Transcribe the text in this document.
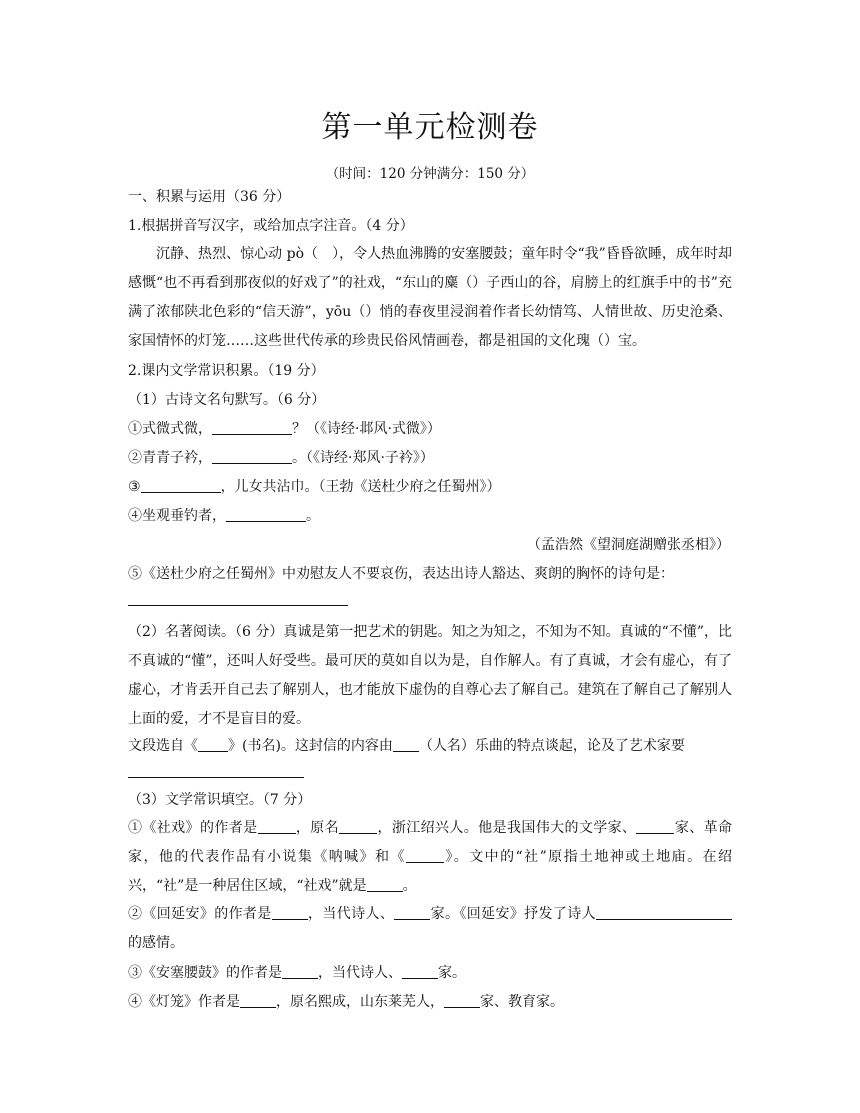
第一单元检测卷
（时间：120 分钟满分：150 分）
一、积累与运用（36 分）
1.根据拼音写汉字，或给加点字注音。（4 分）
沉静、热烈、惊心动 pò（　），令人热血沸腾的安塞腰鼓；童年时令“我”昏昏欲睡，成年时却感慨“也不再看到那夜似的好戏了”的社戏，“东山的麋（）子西山的谷，肩膀上的红旗手中的书”充满了浓郁陕北色彩的“信天游”，yōu（）悄的春夜里浸润着作者长幼情笃、人情世故、历史沧桑、家国情怀的灯笼……这些世代传承的珍贵民俗风情画卷，都是祖国的文化瑰（）宝。
2.课内文学常识积累。（19 分）
（1）古诗文名句默写。（6 分）
①式微式微，	？（《诗经·邶风·式微》）
②青青子衿，	。（《诗经·郑风·子衿》）
③	，儿女共沾巾。（王勃《送杜少府之任蜀州》）
④坐观垂钓者，	。
（孟浩然《望洞庭湖赠张丞相》）
⑤《送杜少府之任蜀州》中劝慰友人不要哀伤，表达出诗人豁达、爽朗的胸怀的诗句是：
（2）名著阅读。（6 分）真诚是第一把艺术的钥匙。知之为知之，不知为不知。真诚的“不懂”，比不真诚的“懂”，还叫人好受些。最可厌的莫如自以为是，自作解人。有了真诚，才会有虚心，有了虚心，才肯丢开自己去了解别人，也才能放下虚伪的自尊心去了解自己。建筑在了解自己了解别人上面的爱，才不是盲目的爱。
文段选自《 》(书名)。这封信的内容由 （人名）乐曲的特点谈起，论及了艺术家要
（3）文学常识填空。（7 分）
①《社戏》的作者是	，原名	，浙江绍兴人。他是我国伟大的文学家、	家、革命家，他的代表作品有小说集《呐喊》和《	》。文中的“社”原指土地神或土地庙。在绍兴，“社”是一种居住区域，“社戏”就是	。
②《回延安》的作者是	，当代诗人、	家。《回延安》抒发了诗人的感情。
③《安塞腰鼓》的作者是	，当代诗人、	家。
④《灯笼》作者是	，原名熙成，山东莱芜人，	家、教育家。
